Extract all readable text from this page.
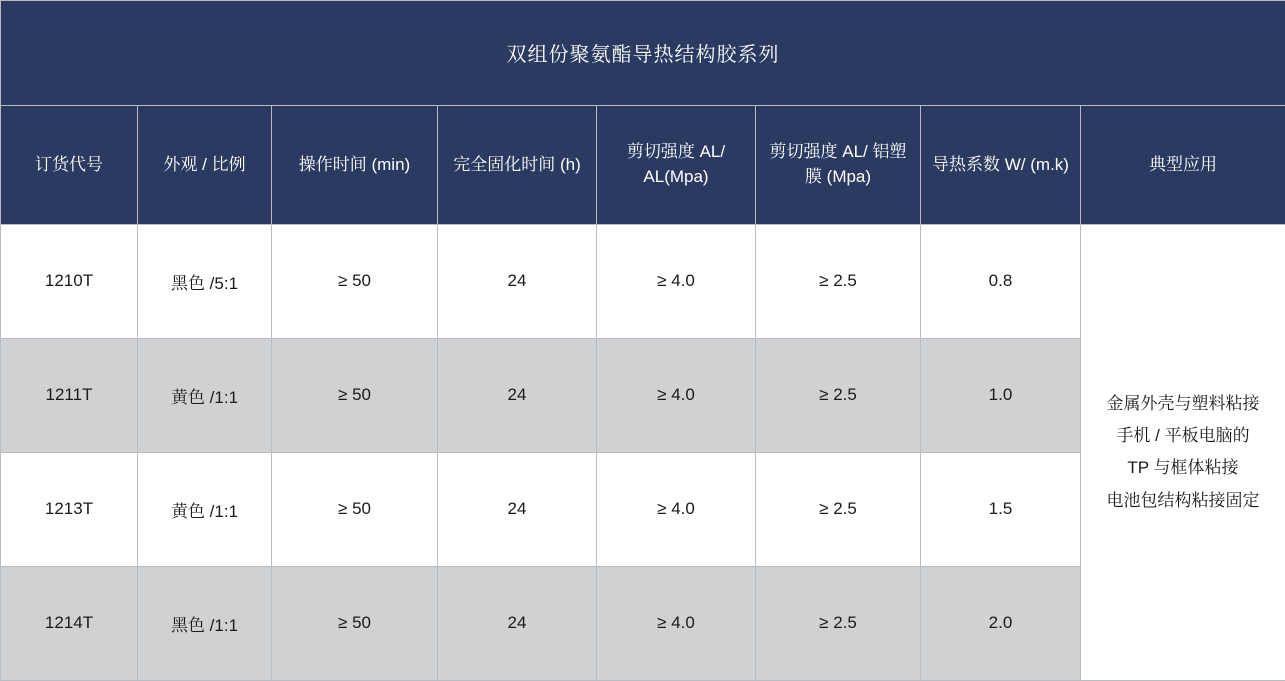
双组份聚氨酯导热结构胶系列							
订货代号	外观 / 比例	操作时间 (min)	完全固化时间 (h)	剪切强度 AL/ AL(Mpa)	剪切强度 AL/ 铝塑膜 (Mpa)	导热系数 W/ (m.k)	典型应用
1210T	黑色 /5:1	≥ 50	24	≥ 4.0	≥ 2.5	0.8	金属外壳与塑料粘接
手机 / 平板电脑的
TP 与框体粘接
电池包结构粘接固定

1211T	黄色 /1:1	≥ 50	24	≥ 4.0	≥ 2.5	1.0	
1213T	黄色 /1:1	≥ 50	24	≥ 4.0	≥ 2.5	1.5	
1214T	黑色 /1:1	≥ 50	24	≥ 4.0	≥ 2.5	2.0	
